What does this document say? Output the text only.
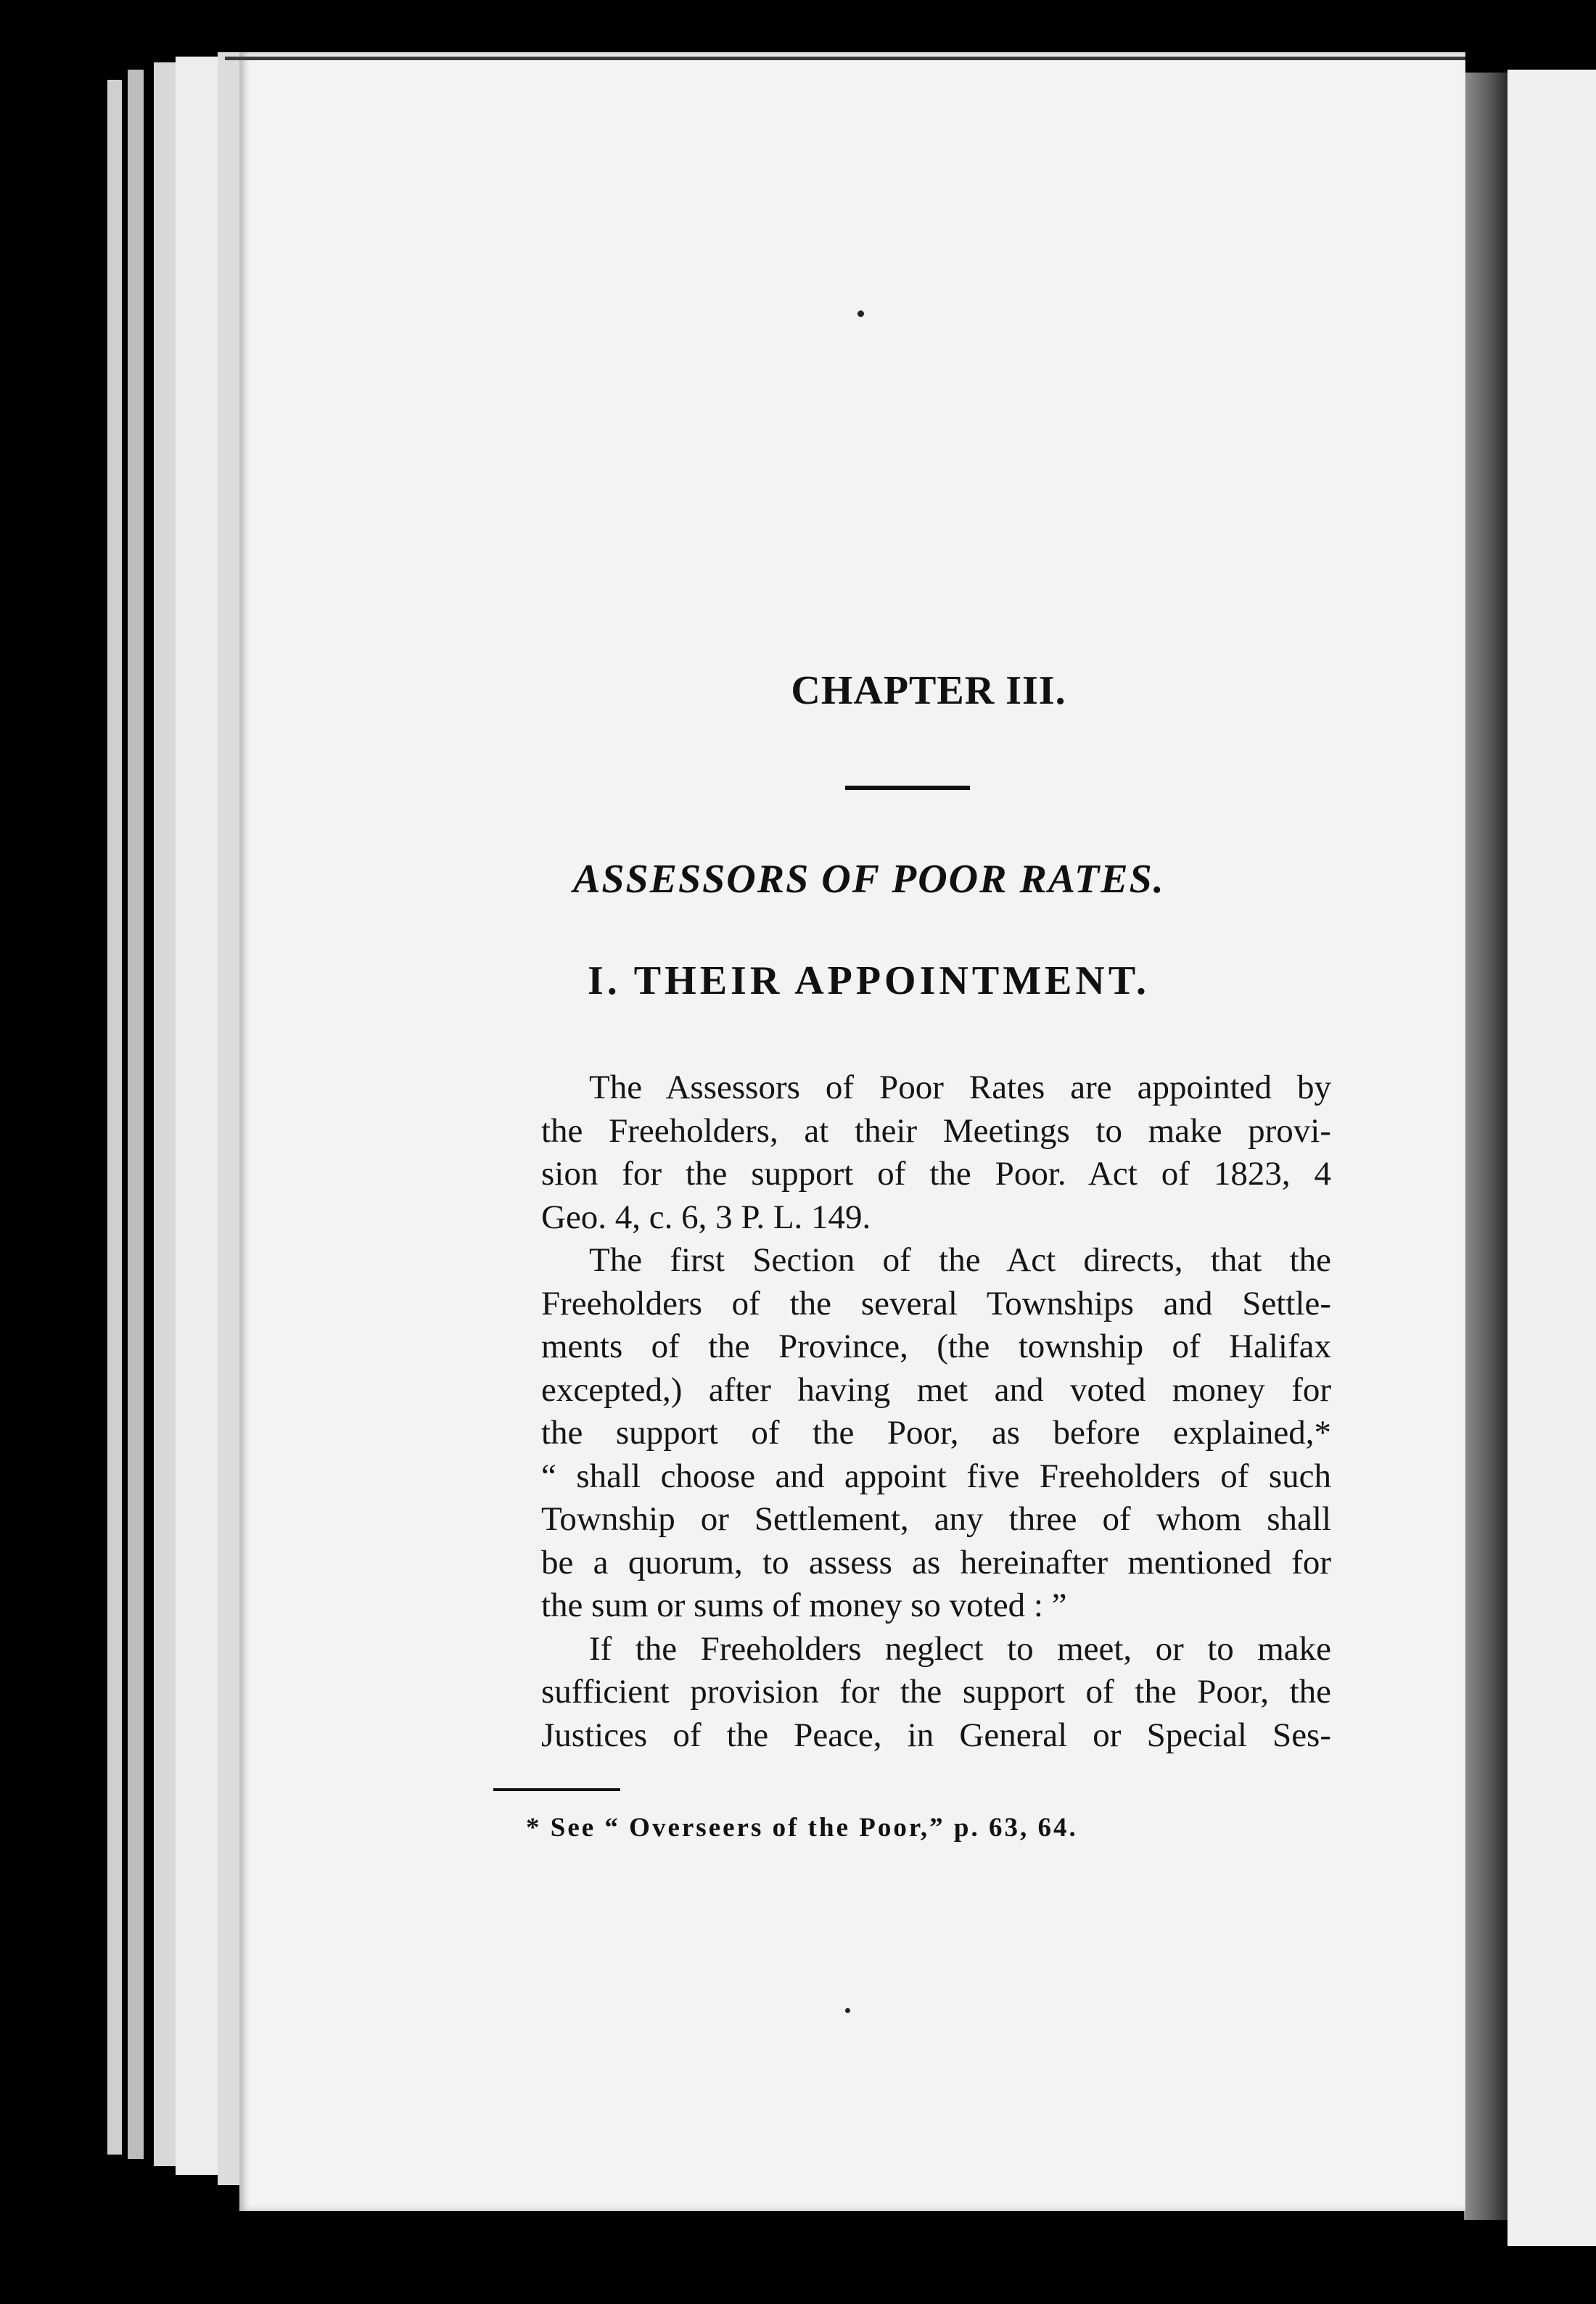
CHAPTER III.
ASSESSORS OF POOR RATES.
I. THEIR APPOINTMENT.
The Assessors of Poor Rates are appointed by
the Freeholders, at their Meetings to make provi-
sion for the support of the Poor. Act of 1823, 4
Geo. 4, c. 6, 3 P. L. 149.
The first Section of the Act directs, that the
Freeholders of the several Townships and Settle-
ments of the Province, (the township of Halifax
excepted,) after having met and voted money for
the support of the Poor, as before explained,*
“ shall choose and appoint five Freeholders of such
Township or Settlement, any three of whom shall
be a quorum, to assess as hereinafter mentioned for
the sum or sums of money so voted : ”
If the Freeholders neglect to meet, or to make
sufficient provision for the support of the Poor, the
Justices of the Peace, in General or Special Ses-
* See “ Overseers of the Poor,” p. 63, 64.
